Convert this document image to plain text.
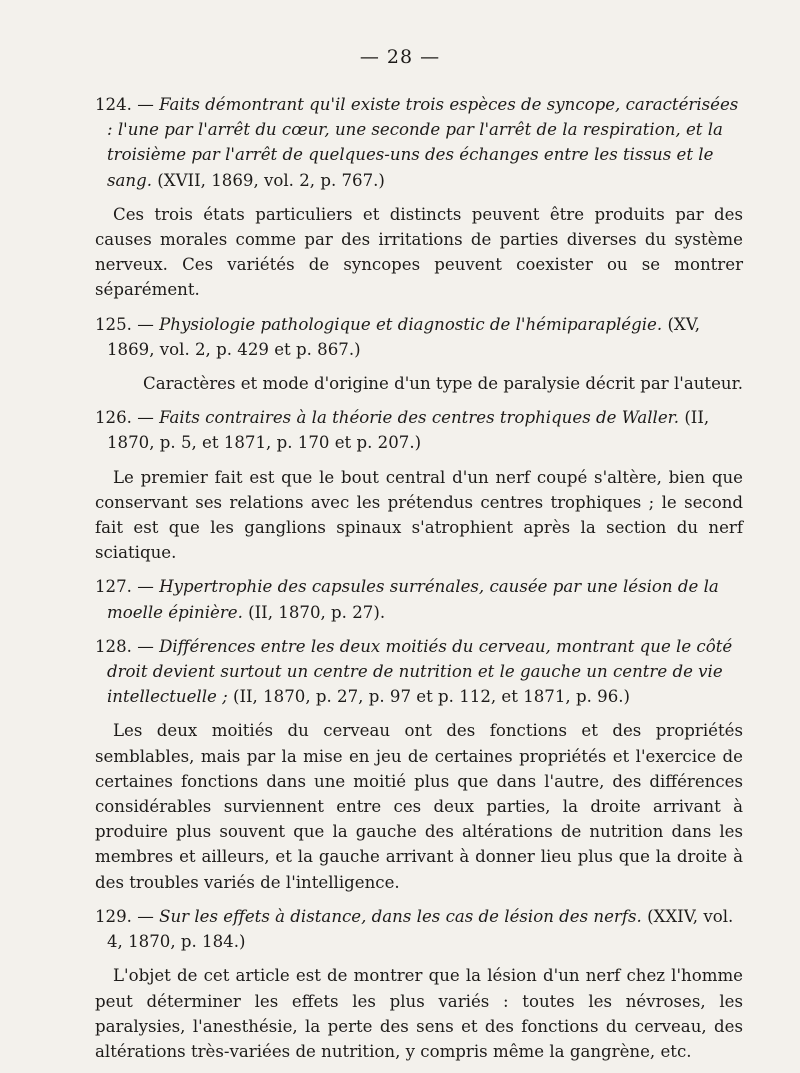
— 28 —

124. — Faits démontrant qu'il existe trois espèces de syncope, caractérisées : l'une par l'arrêt du cœur, une seconde par l'arrêt de la respiration, et la troisième par l'arrêt de quelques-uns des échanges entre les tissus et le sang. (XVII, 1869, vol. 2, p. 767.)

Ces trois états particuliers et distincts peuvent être produits par des causes morales comme par des irritations de parties diverses du système nerveux. Ces variétés de syncopes peuvent coexister ou se montrer séparément.

125. — Physiologie pathologique et diagnostic de l'hémiparaplégie. (XV, 1869, vol. 2, p. 429 et p. 867.)

Caractères et mode d'origine d'un type de paralysie décrit par l'auteur.

126. — Faits contraires à la théorie des centres trophiques de Waller. (II, 1870, p. 5, et 1871, p. 170 et p. 207.)

Le premier fait est que le bout central d'un nerf coupé s'altère, bien que conservant ses relations avec les prétendus centres trophiques ; le second fait est que les ganglions spinaux s'atrophient après la section du nerf sciatique.

127. — Hypertrophie des capsules surrénales, causée par une lésion de la moelle épinière. (II, 1870, p. 27).

128. — Différences entre les deux moitiés du cerveau, montrant que le côté droit devient surtout un centre de nutrition et le gauche un centre de vie intellectuelle ; (II, 1870, p. 27, p. 97 et p. 112, et 1871, p. 96.)

Les deux moitiés du cerveau ont des fonctions et des propriétés semblables, mais par la mise en jeu de certaines propriétés et l'exercice de certaines fonctions dans une moitié plus que dans l'autre, des différences considérables surviennent entre ces deux parties, la droite arrivant à produire plus souvent que la gauche des altérations de nutrition dans les membres et ailleurs, et la gauche arrivant à donner lieu plus que la droite à des troubles variés de l'intelligence.

129. — Sur les effets à distance, dans les cas de lésion des nerfs. (XXIV, vol. 4, 1870, p. 184.)

L'objet de cet article est de montrer que la lésion d'un nerf chez l'homme peut déterminer les effets les plus variés : toutes les névroses, les paralysies, l'anesthésie, la perte des sens et des fonctions du cerveau, des altérations très-variées de nutrition, y compris même la gangrène, etc.
